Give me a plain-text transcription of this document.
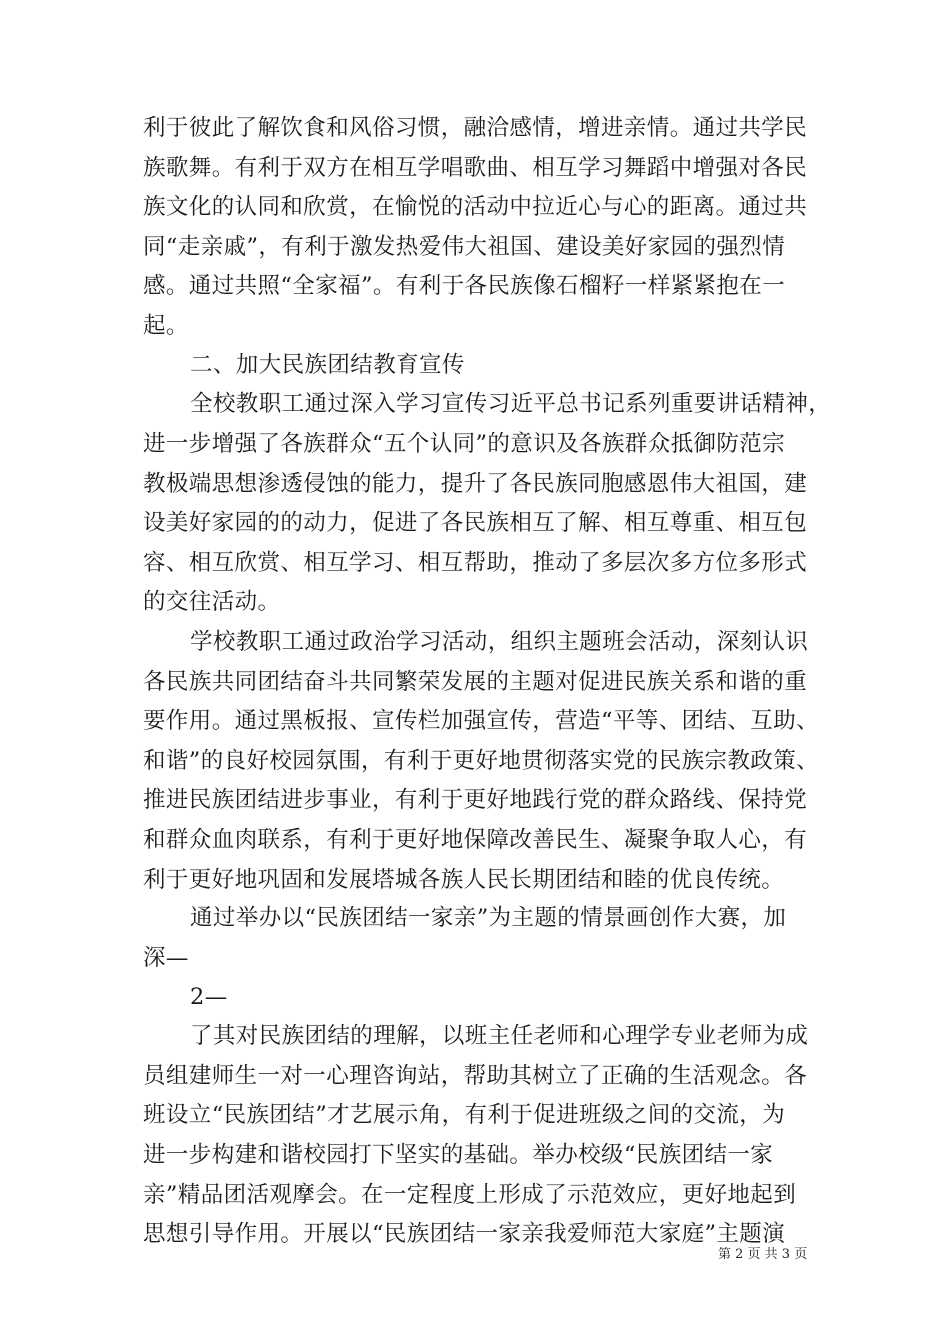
利于彼此了解饮食和风俗习惯，融洽感情，增进亲情。通过共学民
族歌舞。有利于双方在相互学唱歌曲、相互学习舞蹈中增强对各民
族文化的认同和欣赏，在愉悦的活动中拉近心与心的距离。通过共
同“走亲戚”，有利于激发热爱伟大祖国、建设美好家园的强烈情
感。通过共照“全家福”。有利于各民族像石榴籽一样紧紧抱在一
起。
二、加大民族团结教育宣传
全校教职工通过深入学习宣传习近平总书记系列重要讲话精神，
进一步增强了各族群众“五个认同”的意识及各族群众抵御防范宗
教极端思想渗透侵蚀的能力，提升了各民族同胞感恩伟大祖国，建
设美好家园的的动力，促进了各民族相互了解、相互尊重、相互包
容、相互欣赏、相互学习、相互帮助，推动了多层次多方位多形式
的交往活动。
学校教职工通过政治学习活动，组织主题班会活动，深刻认识
各民族共同团结奋斗共同繁荣发展的主题对促进民族关系和谐的重
要作用。通过黑板报、宣传栏加强宣传，营造“平等、团结、互助、
和谐”的良好校园氛围，有利于更好地贯彻落实党的民族宗教政策、
推进民族团结进步事业，有利于更好地践行党的群众路线、保持党
和群众血肉联系，有利于更好地保障改善民生、凝聚争取人心，有
利于更好地巩固和发展塔城各族人民长期团结和睦的优良传统。
通过举办以“民族团结一家亲”为主题的情景画创作大赛，加
深—
2—
了其对民族团结的理解，以班主任老师和心理学专业老师为成
员组建师生一对一心理咨询站，帮助其树立了正确的生活观念。各
班设立“民族团结”才艺展示角，有利于促进班级之间的交流，为
进一步构建和谐校园打下坚实的基础。举办校级“民族团结一家
亲”精品团活观摩会。在一定程度上形成了示范效应，更好地起到
思想引导作用。开展以“民族团结一家亲我爱师范大家庭”主题演
第 2 页 共 3 页
